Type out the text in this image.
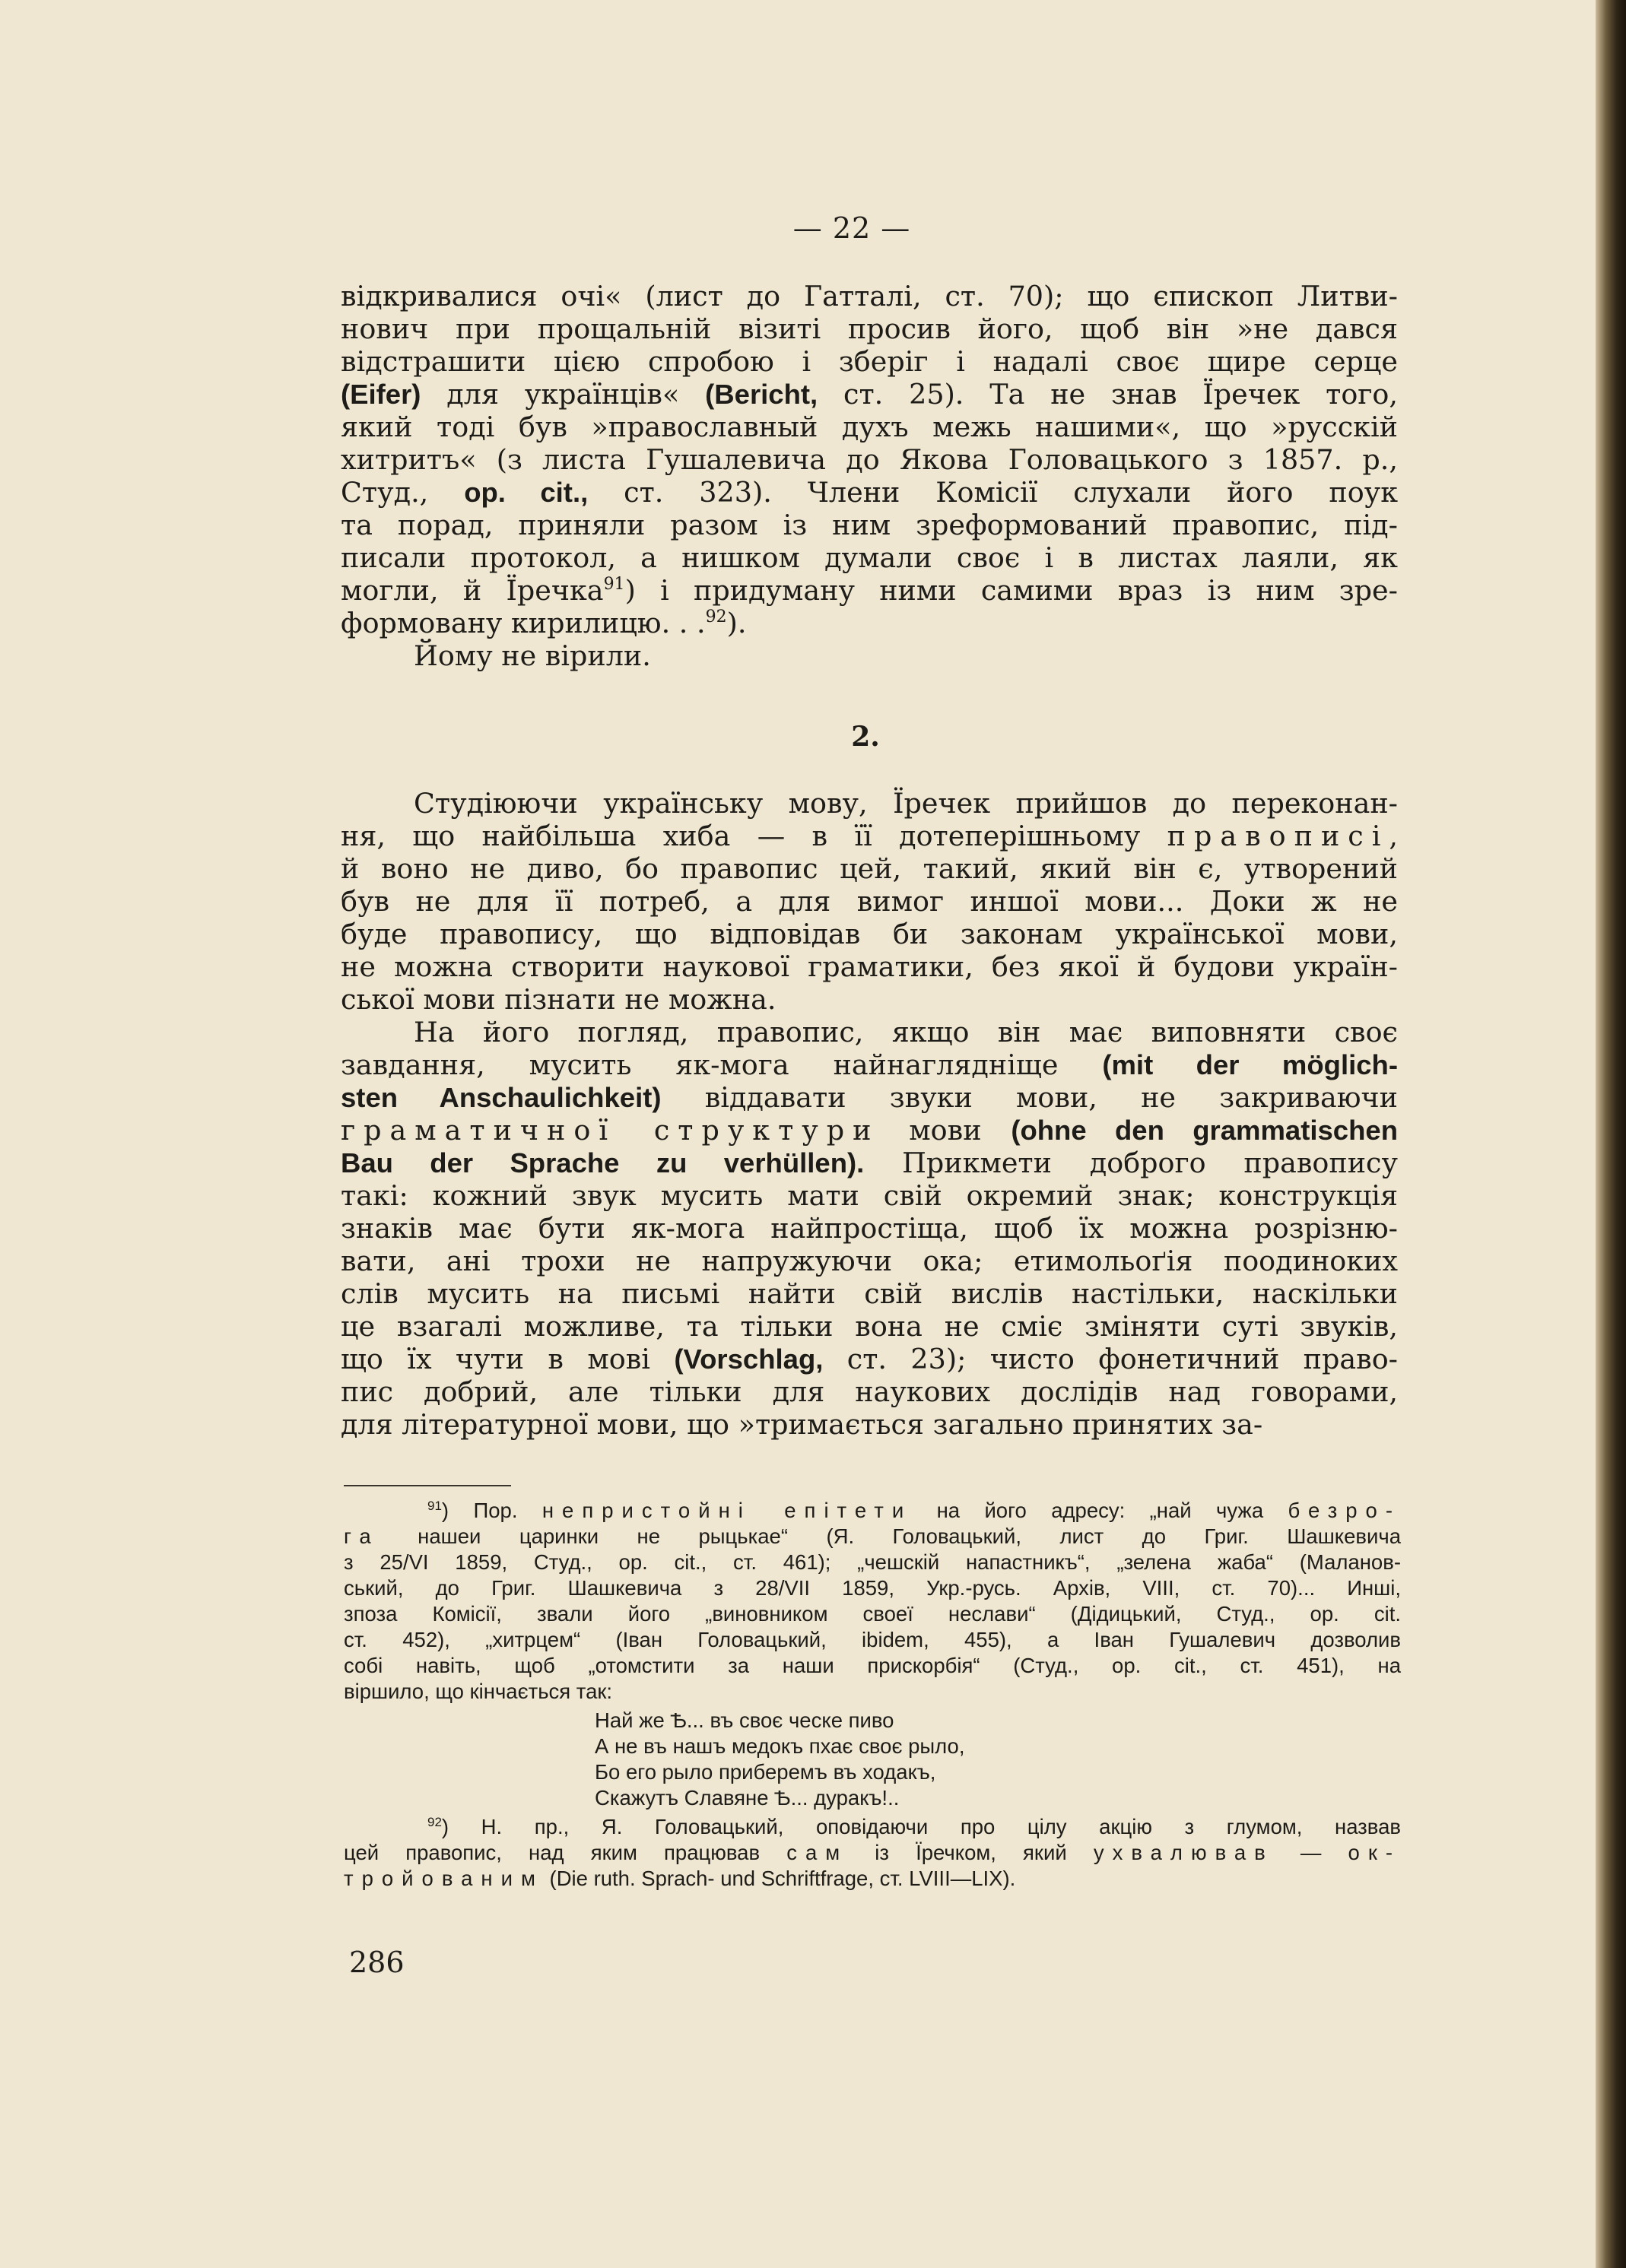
— 22 —
відкривалися очі« (лист до Гатталі, ст. 70); що єпископ Литви-
нович при прощальній візиті просив його, щоб він »не дався
відстрашити цією спробою і зберіг і надалі своє щире серце
(Eifer) для українців« (Bericht, ст. 25). Та не знав Їречек того,
який тоді був »православный духъ межь нашими«, що »русскій
хитритъ« (з листа Гушалевича до Якова Головацького з 1857. р.,
Студ., op. cit., ст. 323). Члени Комісії слухали його поук
та порад, приняли разом із ним зреформований правопис, під-
писали протокол, а нишком думали своє і в листах лаяли, як
могли, й Їречка$^{91}$) і придуману ними самими враз із ним зре-
формовану кирилицю. . .$^{92}$).

Йому не вірили.

2.
Студіюючи українську мову, Їречек прийшов до переконан-
ня, що найбільша хиба — в її дотеперішньому правописі,
й воно не диво, бо правопис цей, такий, який він є, утворений
був не для її потреб, а для вимог иншої мови... Доки ж не
буде правопису, що відповідав би законам української мови,
не можна створити наукової граматики, без якої й будови україн-
ської мови пізнати не можна.
На його погляд, правопис, якщо він має виповняти своє
завдання, мусить як-мога найнаглядніще (mit der möglich-
sten Anschaulichkeit) віддавати звуки мови, не закриваючи
граматичної структури мови (ohne den grammatischen
Bau der Sprache zu verhüllen). Прикмети доброго правопису
такі: кожний звук мусить мати свій окремий знак; конструкція
знаків має бути як-мога найпростіща, щоб їх можна розрізню-
вати, ані трохи не напружуючи ока; етимольоґія поодиноких
слів мусить на письмі найти свій вислів настільки, наскільки
це взагалі можливе, та тільки вона не сміє зміняти суті звуків,
що їх чути в мові (Vorschlag, ст. 23); чисто фонетичний право-
пис добрий, але тільки для наукових дослідів над говорами,
для літературної мови, що »тримається загально принятих за-
$^{91}$) Пор. непристойні епітети на його адресу: „най чужа безро-
га нашеи царинки не рыцькае“ (Я. Головацький, лист до Григ. Шашкевича
з 25/VI 1859, Студ., op. cit., ст. 461); „чешскій напастникъ“, „зелена жаба“ (Маланов-
ський, до Григ. Шашкевича з 28/VII 1859, Укр.-русь. Архів, VIII, ст. 70)... Инші,
зпоза Комісії, звали його „виновником своеї неслави“ (Дідицький, Студ., op. cit.
ст. 452), „хитрцем“ (Іван Головацький, ibidem, 455), а Іван Гушалевич дозволив
собі навіть, щоб „отомстити за наши прискорбія“ (Студ., op. cit., ст. 451), на
віршило, що кінчається так:
Най же Ѣ... въ своє ческе пиво
А не въ нашъ медокъ пхає своє рыло,
Бо его рыло приберемъ въ ходакъ,
Скажутъ Славяне Ѣ... дуракъ!..
$^{92}$) Н. пр., Я. Головацький, оповідаючи про цілу акцію з глумом, назвав
цей правопис, над яким працював сам із Їречком, який ухвалював — ок-
тройованим (Die ruth. Sprach- und Schriftfrage, ст. LVIII—LIX).
286
